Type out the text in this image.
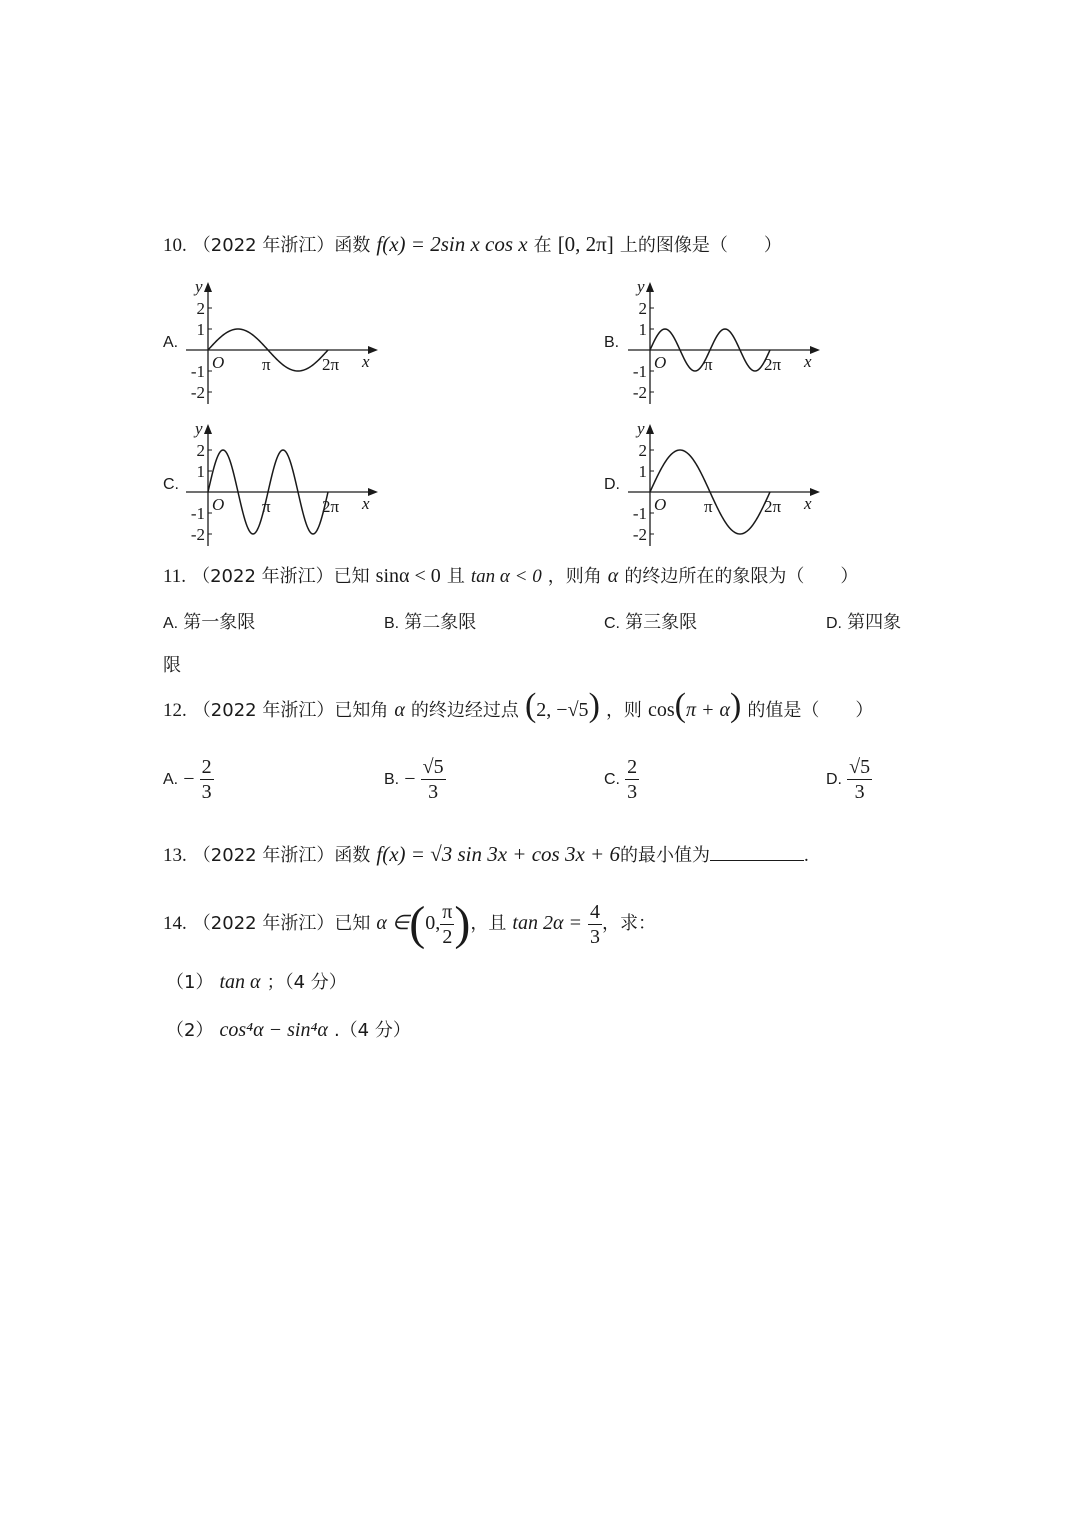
10. （2022 年浙江）函数 f(x) = 2sin x cos x 在 [0, 2π] 上的图像是（　　）
A.	B.
C.	D.
2
1
-1
-2
O π	2π x
y
2
1
-1
-2
O π	2π x
y
2
1
-1
-2
O π	2π x
y
2
1
-1
-2
O π	2π x
y
11. （2022 年浙江）已知 sinα < 0 且 tan α < 0 ，则角 α 的终边所在的象限为（　　）
A. 第一象限	B. 第二象限	C. 第三象限	D. 第四象
限
12. （2022 年浙江）已知角 α 的终边经过点 (2, −√5) ，则 cos(π + α) 的值是（　　）
A. − $\frac{2}{3}$	B. − $\frac{√5}{3}$	C. $\frac{2}{3}$	D. $\frac{√5}{3}$
13. （2022 年浙江）函数 f(x) = √3 sin 3x + cos 3x + 6的最小值为	.
14. （2022 年浙江）已知 α ∈(0, $\frac{\pi}{2}$ )，且 $\tan 2\alpha = \frac{4}{3}$ ，求：
（1） tan α ；（4 分）
（2） cos⁴α − sin⁴α .（4 分）
